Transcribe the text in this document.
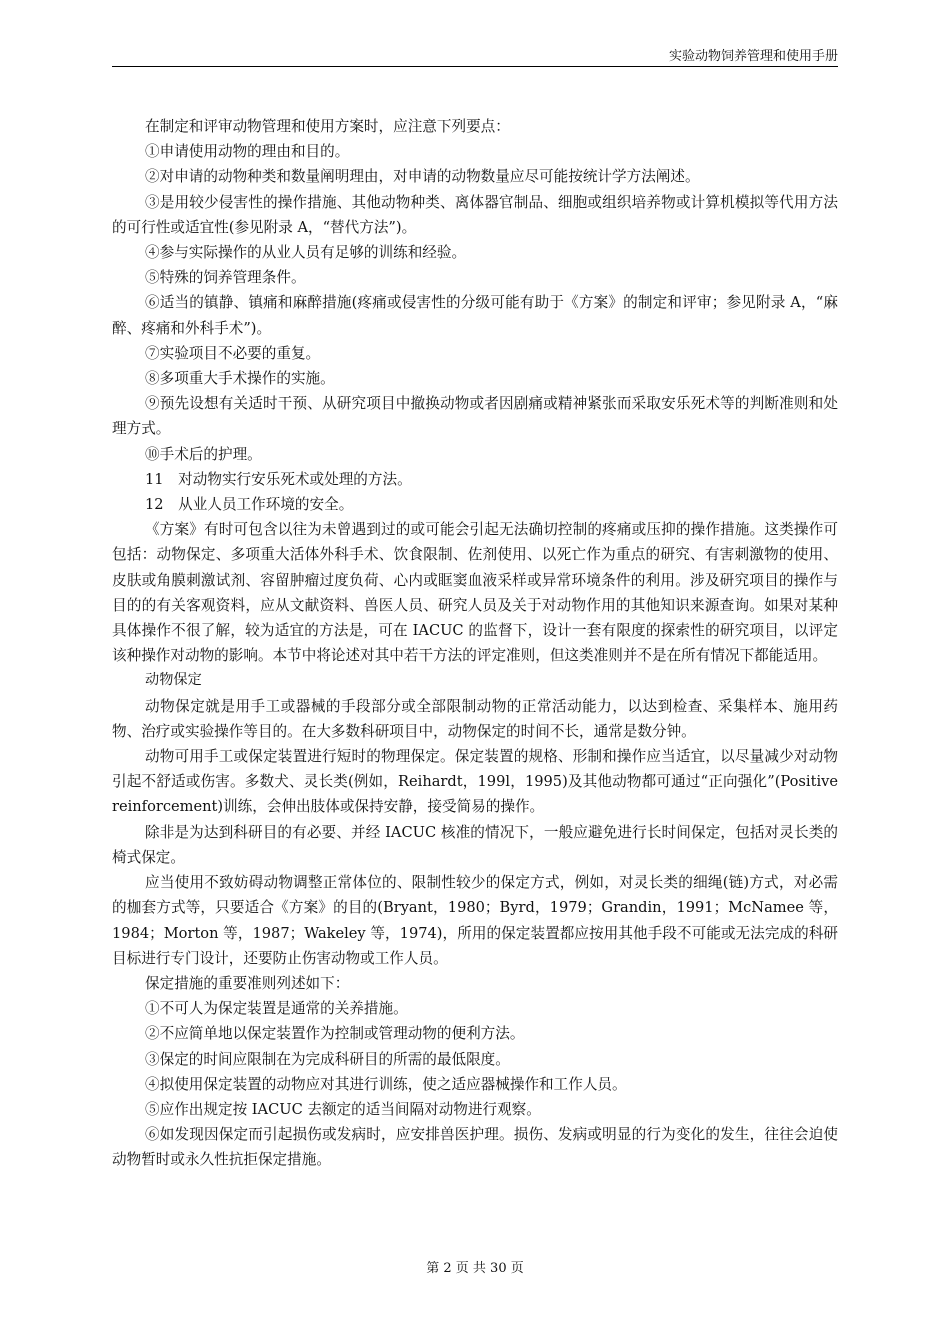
实验动物饲养管理和使用手册

在制定和评审动物管理和使用方案时，应注意下列要点：

①申请使用动物的理由和目的。

②对申请的动物种类和数量阐明理由，对申请的动物数量应尽可能按统计学方法阐述。

③是用较少侵害性的操作措施、其他动物种类、离体器官制品、细胞或组织培养物或计算机模拟等代用方法的可行性或适宜性(参见附录 A，“替代方法”)。

④参与实际操作的从业人员有足够的训练和经验。

⑤特殊的饲养管理条件。

⑥适当的镇静、镇痛和麻醉措施(疼痛或侵害性的分级可能有助于《方案》的制定和评审；参见附录 A，“麻醉、疼痛和外科手术”)。

⑦实验项目不必要的重复。

⑧多项重大手术操作的实施。

⑨预先设想有关适时干预、从研究项目中撤换动物或者因剧痛或精神紧张而采取安乐死术等的判断准则和处理方式。

⑩手术后的护理。

11　对动物实行安乐死术或处理的方法。

12　从业人员工作环境的安全。

《方案》有时可包含以往为未曾遇到过的或可能会引起无法确切控制的疼痛或压抑的操作措施。这类操作可包括：动物保定、多项重大活体外科手术、饮食限制、佐剂使用、以死亡作为重点的研究、有害刺激物的使用、皮肤或角膜刺激试剂、容留肿瘤过度负荷、心内或眶窦血液采样或异常环境条件的利用。涉及研究项目的操作与目的的有关客观资料，应从文献资料、兽医人员、研究人员及关于对动物作用的其他知识来源查询。如果对某种具体操作不很了解，较为适宜的方法是，可在 IACUC 的监督下，设计一套有限度的探索性的研究项目，以评定该种操作对动物的影响。本节中将论述对其中若干方法的评定准则，但这类准则并不是在所有情况下都能适用。

动物保定

动物保定就是用手工或器械的手段部分或全部限制动物的正常活动能力，以达到检查、采集样本、施用药物、治疗或实验操作等目的。在大多数科研项目中，动物保定的时间不长，通常是数分钟。

动物可用手工或保定装置进行短时的物理保定。保定装置的规格、形制和操作应当适宜，以尽量减少对动物引起不舒适或伤害。多数犬、灵长类(例如，Reihardt，199l，1995)及其他动物都可通过“正向强化”(Positive reinforcement)训练，会伸出肢体或保持安静，接受简易的操作。

除非是为达到科研目的有必要、并经 IACUC 核准的情况下，一般应避免进行长时间保定，包括对灵长类的椅式保定。

应当使用不致妨碍动物调整正常体位的、限制性较少的保定方式，例如，对灵长类的细绳(链)方式，对必需的枷套方式等，只要适合《方案》的目的(Bryant，1980；Byrd，1979；Grandin，1991；McNamee 等，1984；Morton 等，1987；Wakeley 等，1974)，所用的保定装置都应按用其他手段不可能或无法完成的科研目标进行专门设计，还要防止伤害动物或工作人员。

保定措施的重要准则列述如下：

①不可人为保定装置是通常的关养措施。

②不应简单地以保定装置作为控制或管理动物的便利方法。

③保定的时间应限制在为完成科研目的所需的最低限度。

④拟使用保定装置的动物应对其进行训练，使之适应器械操作和工作人员。

⑤应作出规定按 IACUC 去额定的适当间隔对动物进行观察。

⑥如发现因保定而引起损伤或发病时，应安排兽医护理。损伤、发病或明显的行为变化的发生，往往会迫使动物暂时或永久性抗拒保定措施。

第 2 页 共 30 页
